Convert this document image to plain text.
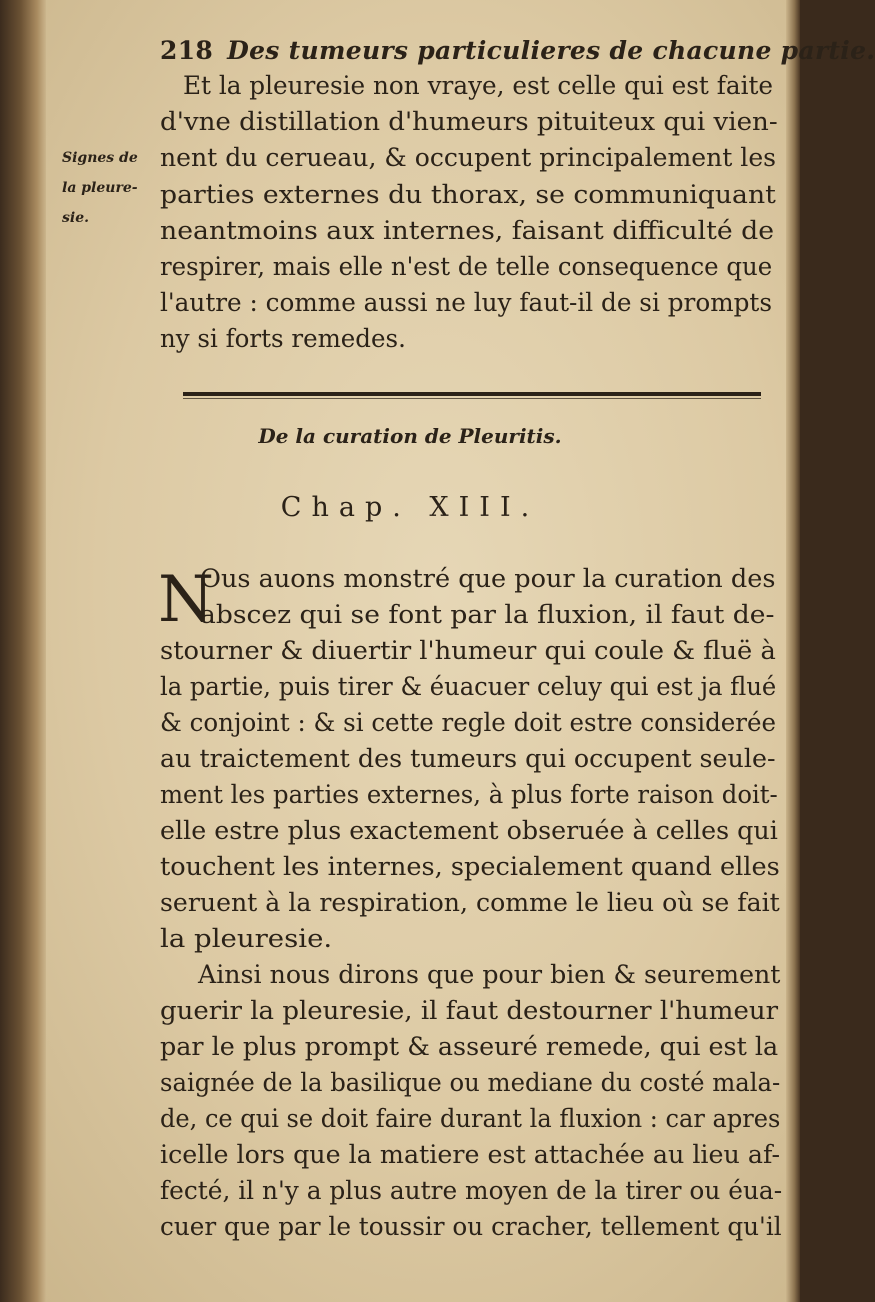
218 Des tumeurs particulieres de chacune partie.
Signes de
la pleure-
sie.
Et la pleuresie non vraye, est celle qui est faite
d'vne distillation d'humeurs pituiteux qui vien-
nent du cerueau, & occupent principalement les
parties externes du thorax, se communiquant
neantmoins aux internes, faisant difficulté de
respirer, mais elle n'est de telle consequence que
l'autre : comme aussi ne luy faut-il de si prompts
ny si forts remedes.
De la curation de Pleuritis.
Chap. XIII.
N
Ous auons monstré que pour la curation des
abscez qui se font par la fluxion, il faut de-
stourner & diuertir l'humeur qui coule & fluë à
la partie, puis tirer & éuacuer celuy qui est ja flué
& conjoint : & si cette regle doit estre considerée
au traictement des tumeurs qui occupent seule-
ment les parties externes, à plus forte raison doit-
elle estre plus exactement obseruée à celles qui
touchent les internes, specialement quand elles
seruent à la respiration, comme le lieu où se fait
la pleuresie.
Ainsi nous dirons que pour bien & seurement
guerir la pleuresie, il faut destourner l'humeur
par le plus prompt & asseuré remede, qui est la
saignée de la basilique ou mediane du costé mala-
de, ce qui se doit faire durant la fluxion : car apres
icelle lors que la matiere est attachée au lieu af-
fecté, il n'y a plus autre moyen de la tirer ou éua-
cuer que par le toussir ou cracher, tellement qu'il
